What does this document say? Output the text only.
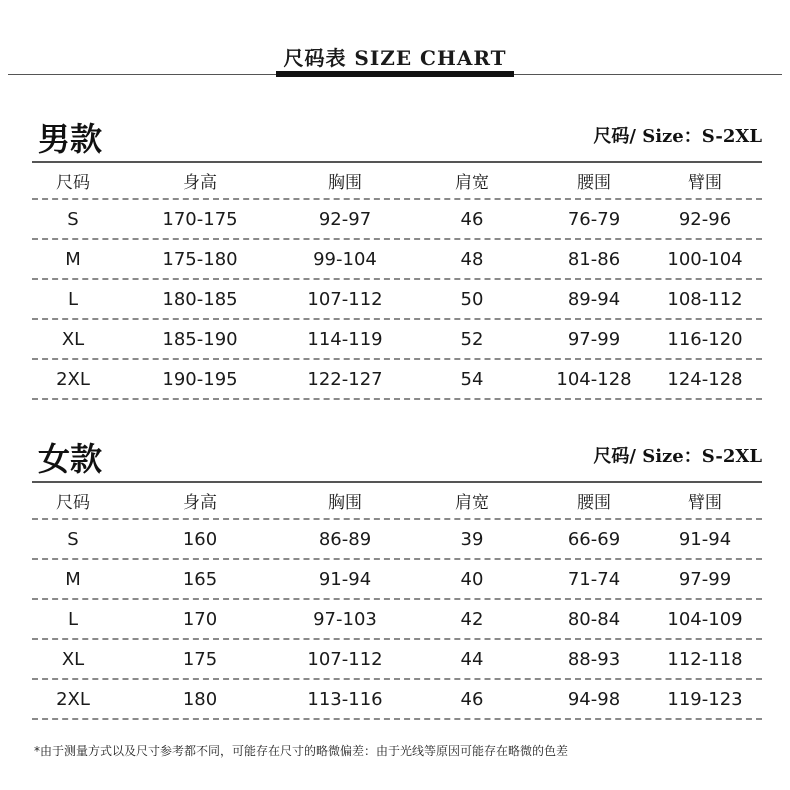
尺码表 SIZE CHART
男款	尺码/ Size：S-2XL
尺码	身高	胸围	肩宽	腰围	臂围
S	170-175	92-97	46	76-79	92-96
M	175-180	99-104	48	81-86	100-104
L	180-185	107-112	50	89-94	108-112
XL	185-190	114-119	52	97-99	116-120
2XL	190-195	122-127	54	104-128	124-128
女款	尺码/ Size：S-2XL
尺码	身高	胸围	肩宽	腰围	臂围
S	160	86-89	39	66-69	91-94
M	165	91-94	40	71-74	97-99
L	170	97-103	42	80-84	104-109
XL	175	107-112	44	88-93	112-118
2XL	180	113-116	46	94-98	119-123
*由于测量方式以及尺寸参考都不同，可能存在尺寸的略微偏差：由于光线等原因可能存在略微的色差
